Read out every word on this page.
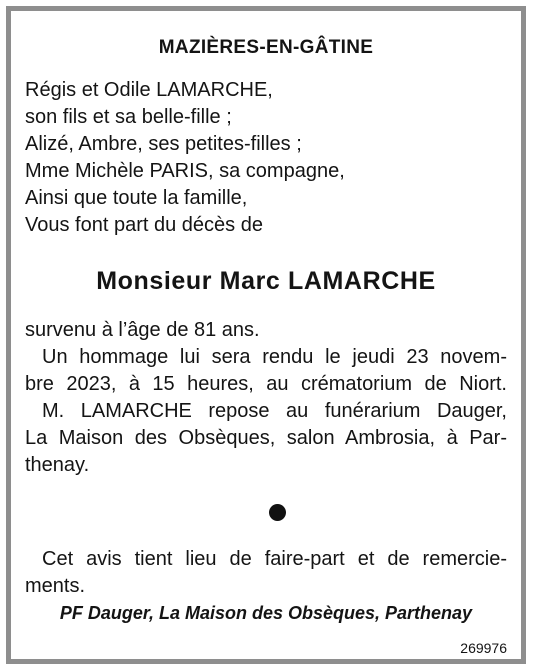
MAZIÈRES-EN-GÂTINE
Régis et Odile LAMARCHE,
son fils et sa belle-fille ;
Alizé, Ambre, ses petites-filles ;
Mme Michèle PARIS, sa compagne,
Ainsi que toute la famille,
Vous font part du décès de
Monsieur Marc LAMARCHE
survenu à l’âge de 81 ans.
Un hommage lui sera rendu le jeudi 23 novem-
bre 2023, à 15 heures, au crématorium de Niort.
M. LAMARCHE repose au funérarium Dauger,
La Maison des Obsèques, salon Ambrosia, à Par-
thenay.
Cet avis tient lieu de faire-part et de remercie-
ments.
PF Dauger, La Maison des Obsèques, Parthenay
269976
